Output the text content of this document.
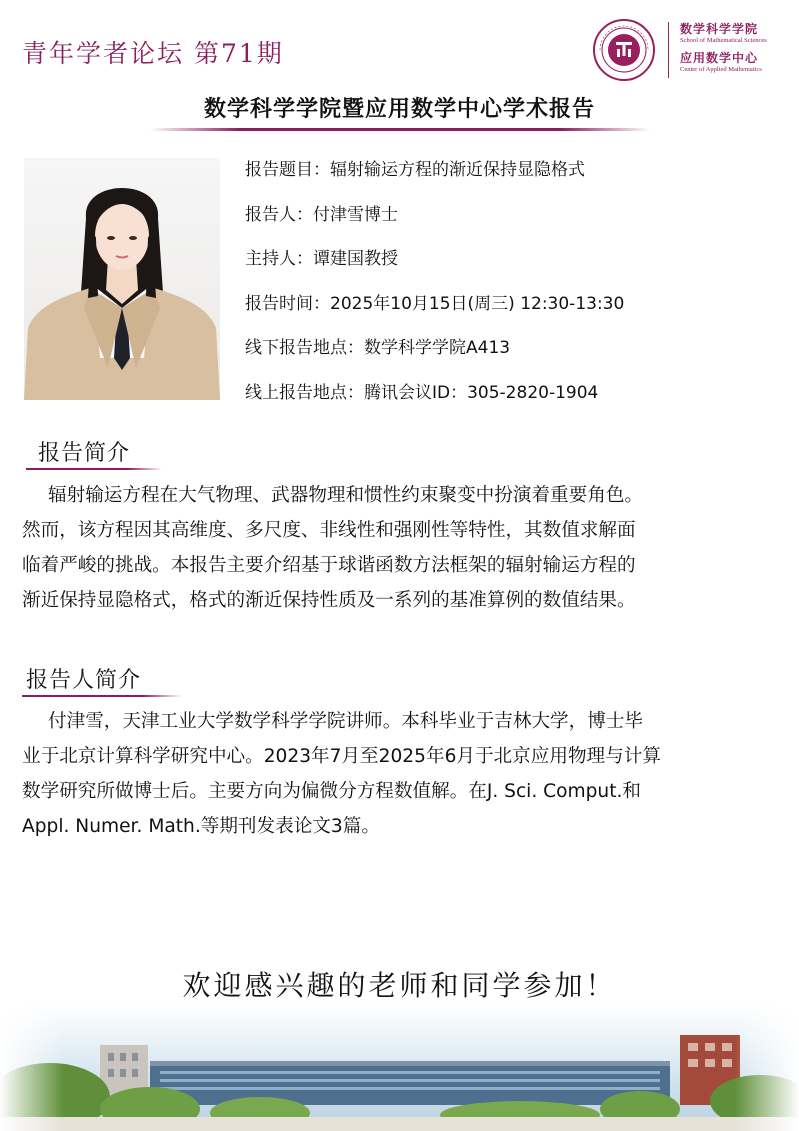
青年学者论坛 第71期
数学科学学院
School of Mathematical Sciences
应用数学中心
Center of Applied Mathematics
数学科学学院暨应用数学中心学术报告
报告题目：辐射输运方程的渐近保持显隐格式
报告人：付津雪博士
主持人：谭建国教授
报告时间：2025年10月15日(周三) 12:30-13:30
线下报告地点：数学科学学院A413
线上报告地点：腾讯会议ID：305-2820-1904
报告简介
辐射输运方程在大气物理、武器物理和惯性约束聚变中扮演着重要角色。
然而，该方程因其高维度、多尺度、非线性和强刚性等特性，其数值求解面
临着严峻的挑战。本报告主要介绍基于球谐函数方法框架的辐射输运方程的
渐近保持显隐格式，格式的渐近保持性质及一系列的基准算例的数值结果。
报告人简介
付津雪，天津工业大学数学科学学院讲师。本科毕业于吉林大学，博士毕
业于北京计算科学研究中心。2023年7月至2025年6月于北京应用物理与计算
数学研究所做博士后。主要方向为偏微分方程数值解。在J. Sci. Comput.和
Appl. Numer. Math.等期刊发表论文3篇。
欢迎感兴趣的老师和同学参加！
